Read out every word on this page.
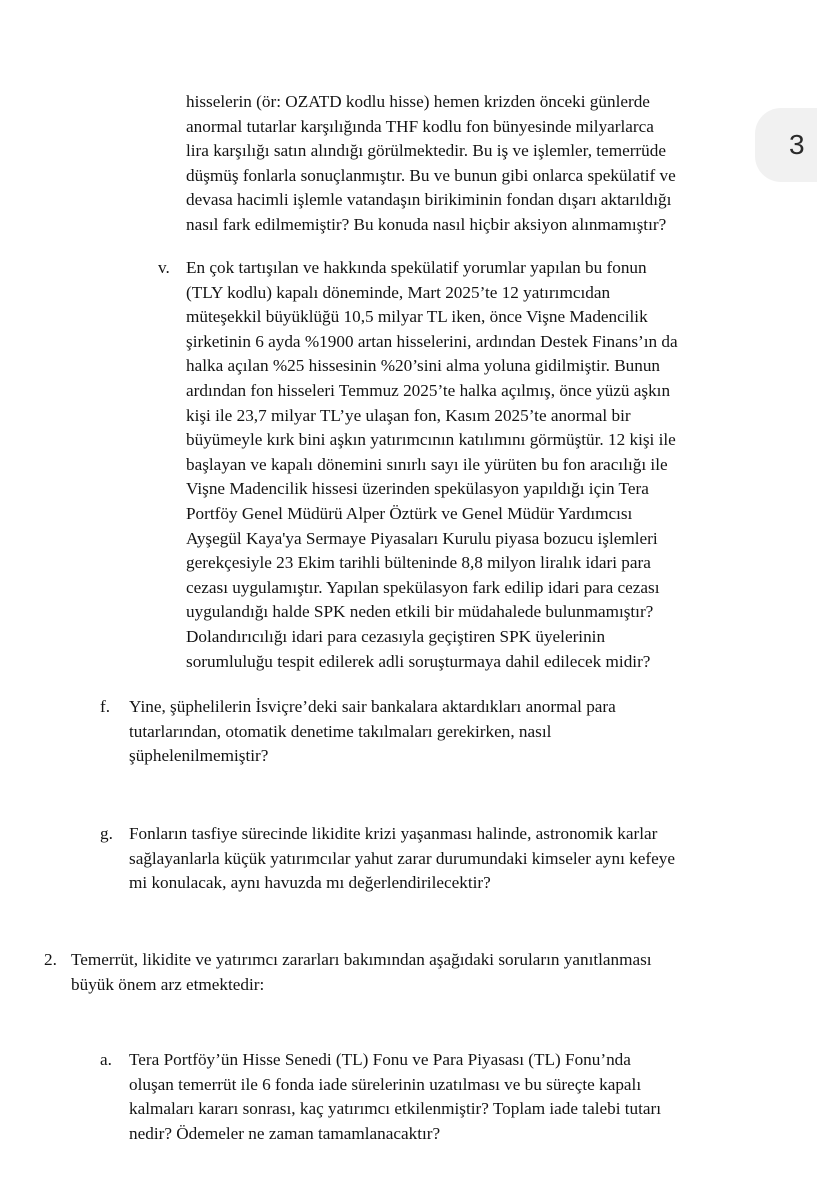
3
hisselerin (ör: OZATD kodlu hisse) hemen krizden önceki günlerde
anormal tutarlar karşılığında THF kodlu fon bünyesinde milyarlarca
lira karşılığı satın alındığı görülmektedir. Bu iş ve işlemler, temerrüde
düşmüş fonlarla sonuçlanmıştır. Bu ve bunun gibi onlarca spekülatif ve
devasa hacimli işlemle vatandaşın birikiminin fondan dışarı aktarıldığı
nasıl fark edilmemiştir? Bu konuda nasıl hiçbir aksiyon alınmamıştır?
v. En çok tartışılan ve hakkında spekülatif yorumlar yapılan bu fonun
(TLY kodlu) kapalı döneminde, Mart 2025’te 12 yatırımcıdan
müteşekkil büyüklüğü 10,5 milyar TL iken, önce Vişne Madencilik
şirketinin 6 ayda %1900 artan hisselerini, ardından Destek Finans’ın da
halka açılan %25 hissesinin %20’sini alma yoluna gidilmiştir. Bunun
ardından fon hisseleri Temmuz 2025’te halka açılmış, önce yüzü aşkın
kişi ile 23,7 milyar TL’ye ulaşan fon, Kasım 2025’te anormal bir
büyümeyle kırk bini aşkın yatırımcının katılımını görmüştür. 12 kişi ile
başlayan ve kapalı dönemini sınırlı sayı ile yürüten bu fon aracılığı ile
Vişne Madencilik hissesi üzerinden spekülasyon yapıldığı için Tera
Portföy Genel Müdürü Alper Öztürk ve Genel Müdür Yardımcısı
Ayşegül Kaya'ya Sermaye Piyasaları Kurulu piyasa bozucu işlemleri
gerekçesiyle 23 Ekim tarihli bülteninde 8,8 milyon liralık idari para
cezası uygulamıştır. Yapılan spekülasyon fark edilip idari para cezası
uygulandığı halde SPK neden etkili bir müdahalede bulunmamıştır?
Dolandırıcılığı idari para cezasıyla geçiştiren SPK üyelerinin
sorumluluğu tespit edilerek adli soruşturmaya dahil edilecek midir?
f. Yine, şüphelilerin İsviçre’deki sair bankalara aktardıkları anormal para
tutarlarından, otomatik denetime takılmaları gerekirken, nasıl
şüphelenilmemiştir?
g. Fonların tasfiye sürecinde likidite krizi yaşanması halinde, astronomik karlar
sağlayanlarla küçük yatırımcılar yahut zarar durumundaki kimseler aynı kefeye
mi konulacak, aynı havuzda mı değerlendirilecektir?
2. Temerrüt, likidite ve yatırımcı zararları bakımından aşağıdaki soruların yanıtlanması
büyük önem arz etmektedir:
a. Tera Portföy’ün Hisse Senedi (TL) Fonu ve Para Piyasası (TL) Fonu’nda
oluşan temerrüt ile 6 fonda iade sürelerinin uzatılması ve bu süreçte kapalı
kalmaları kararı sonrası, kaç yatırımcı etkilenmiştir? Toplam iade talebi tutarı
nedir? Ödemeler ne zaman tamamlanacaktır?
